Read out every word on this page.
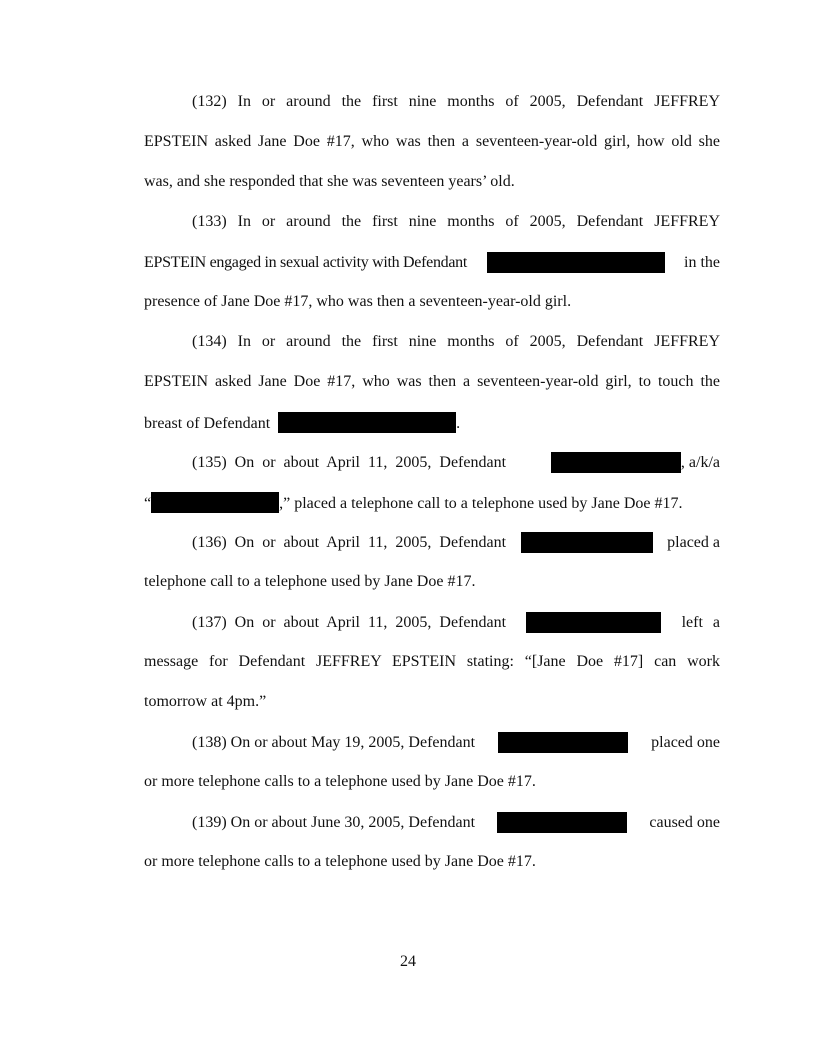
(132) In or around the first nine months of 2005, Defendant JEFFREY
EPSTEIN asked Jane Doe #17, who was then a seventeen-year-old girl, how old she
was, and she responded that she was seventeen years’ old.
(133) In or around the first nine months of 2005, Defendant JEFFREY
EPSTEIN engaged in sexual activity with Defendant	in the
presence of Jane Doe #17, who was then a seventeen-year-old girl.
(134) In or around the first nine months of 2005, Defendant JEFFREY
EPSTEIN asked Jane Doe #17, who was then a seventeen-year-old girl, to touch the
breast of Defendant	.
(135) On or about April 11, 2005, Defendant	, a/k/a
“	,” placed a telephone call to a telephone used by Jane Doe #17.
(136) On or about April 11, 2005, Defendant	placed a
telephone call to a telephone used by Jane Doe #17.
(137) On or about April 11, 2005, Defendant	left a
message for Defendant JEFFREY EPSTEIN stating: “[Jane Doe #17] can work
tomorrow at 4pm.”
(138) On or about May 19, 2005, Defendant	placed one
or more telephone calls to a telephone used by Jane Doe #17.
(139) On or about June 30, 2005, Defendant	caused one
or more telephone calls to a telephone used by Jane Doe #17.
24
